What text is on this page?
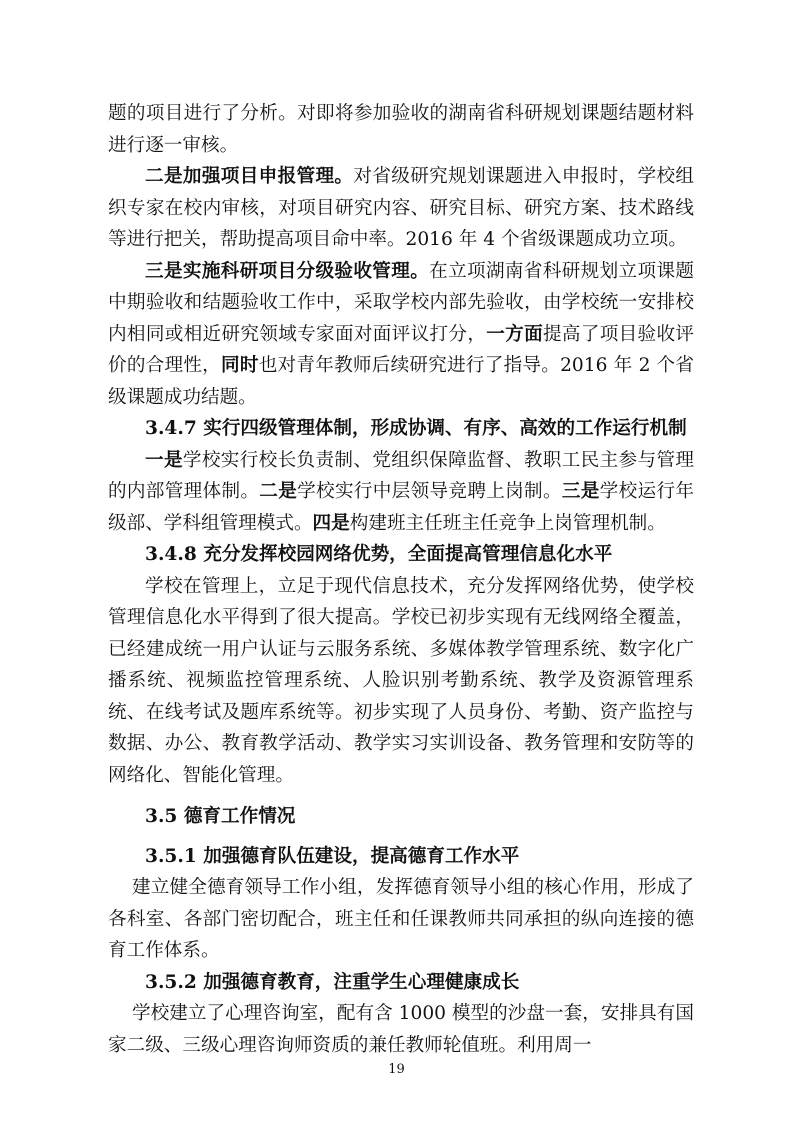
题的项目进行了分析。对即将参加验收的湖南省科研规划课题结题材料进行逐一审核。

二是加强项目申报管理。对省级研究规划课题进入申报时，学校组织专家在校内审核，对项目研究内容、研究目标、研究方案、技术路线等进行把关，帮助提高项目命中率。2016 年 4 个省级课题成功立项。

三是实施科研项目分级验收管理。在立项湖南省科研规划立项课题中期验收和结题验收工作中，采取学校内部先验收，由学校统一安排校内相同或相近研究领域专家面对面评议打分，一方面提高了项目验收评价的合理性，同时也对青年教师后续研究进行了指导。2016 年 2 个省级课题成功结题。

3.4.7 实行四级管理体制，形成协调、有序、高效的工作运行机制

一是学校实行校长负责制、党组织保障监督、教职工民主参与管理的内部管理体制。二是学校实行中层领导竞聘上岗制。三是学校运行年级部、学科组管理模式。四是构建班主任班主任竞争上岗管理机制。

3.4.8 充分发挥校园网络优势，全面提高管理信息化水平

学校在管理上，立足于现代信息技术，充分发挥网络优势，使学校管理信息化水平得到了很大提高。学校已初步实现有无线网络全覆盖，已经建成统一用户认证与云服务系统、多媒体教学管理系统、数字化广播系统、视频监控管理系统、人脸识别考勤系统、教学及资源管理系统、在线考试及题库系统等。初步实现了人员身份、考勤、资产监控与数据、办公、教育教学活动、教学实习实训设备、教务管理和安防等的网络化、智能化管理。

3.5 德育工作情况

3.5.1 加强德育队伍建设，提高德育工作水平

建立健全德育领导工作小组，发挥德育领导小组的核心作用，形成了各科室、各部门密切配合，班主任和任课教师共同承担的纵向连接的德育工作体系。

3.5.2 加强德育教育，注重学生心理健康成长

学校建立了心理咨询室，配有含 1000 模型的沙盘一套，安排具有国家二级、三级心理咨询师资质的兼任教师轮值班。利用周一

19
